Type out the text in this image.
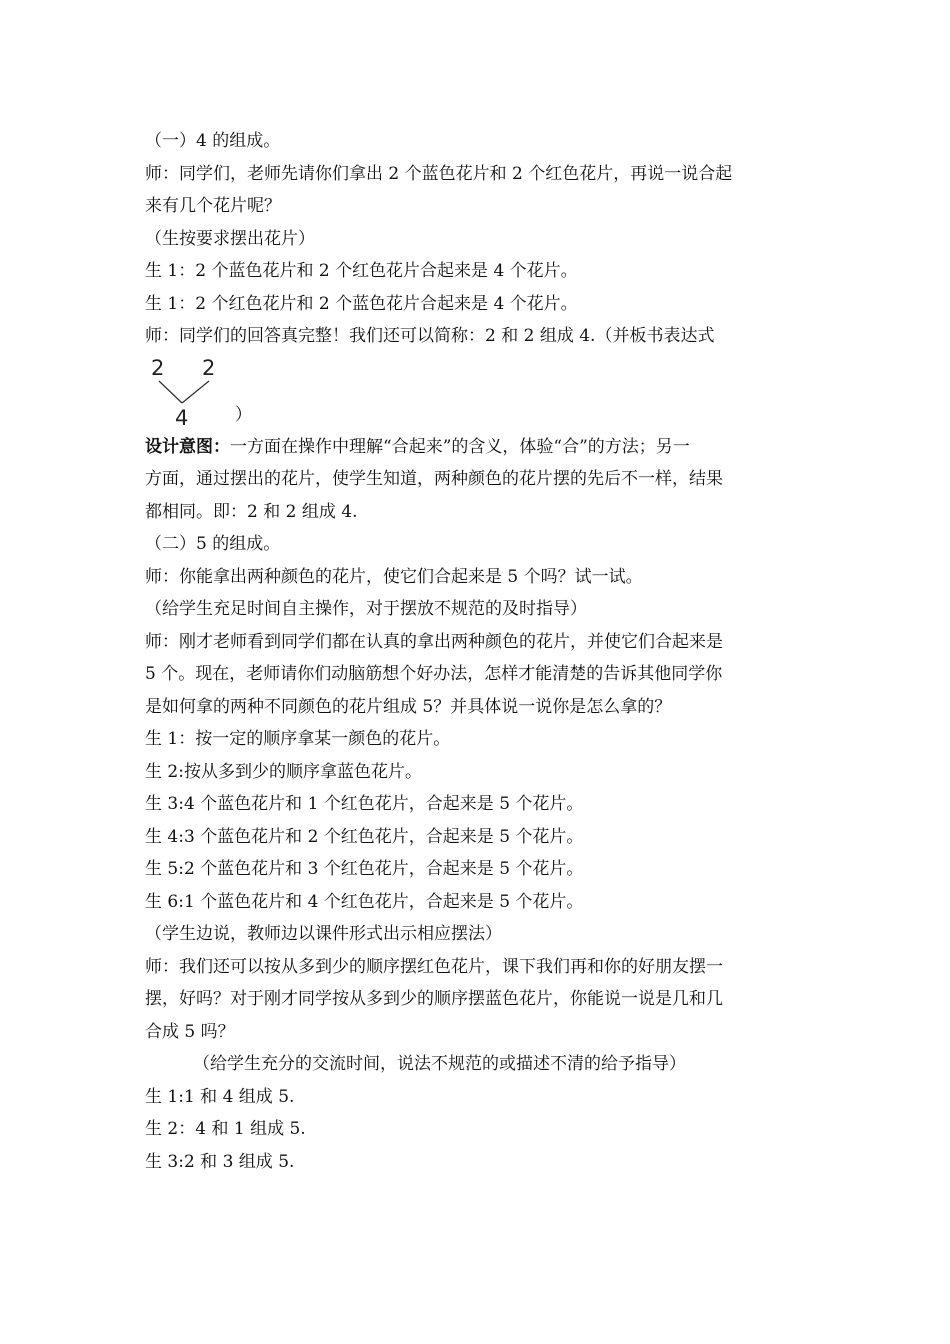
（一）4 的组成。
师：同学们，老师先请你们拿出 2 个蓝色花片和 2 个红色花片，再说一说合起
来有几个花片呢？
（生按要求摆出花片）
生 1：2 个蓝色花片和 2 个红色花片合起来是 4 个花片。
生 1：2 个红色花片和 2 个蓝色花片合起来是 4 个花片。
师：同学们的回答真完整！我们还可以简称：2 和 2 组成 4.（并板书表达式
2 2
4	）
设计意图：一方面在操作中理解“合起来”的含义，体验“合”的方法；另一
方面，通过摆出的花片，使学生知道，两种颜色的花片摆的先后不一样，结果
都相同。即：2 和 2 组成 4.
（二）5 的组成。
师：你能拿出两种颜色的花片，使它们合起来是 5 个吗？试一试。
（给学生充足时间自主操作，对于摆放不规范的及时指导）
师：刚才老师看到同学们都在认真的拿出两种颜色的花片，并使它们合起来是
5 个。现在，老师请你们动脑筋想个好办法，怎样才能清楚的告诉其他同学你
是如何拿的两种不同颜色的花片组成 5？并具体说一说你是怎么拿的？
生 1：按一定的顺序拿某一颜色的花片。
生 2:按从多到少的顺序拿蓝色花片。
生 3:4 个蓝色花片和 1 个红色花片，合起来是 5 个花片。
生 4:3 个蓝色花片和 2 个红色花片，合起来是 5 个花片。
生 5:2 个蓝色花片和 3 个红色花片，合起来是 5 个花片。
生 6:1 个蓝色花片和 4 个红色花片，合起来是 5 个花片。
（学生边说，教师边以课件形式出示相应摆法）
师：我们还可以按从多到少的顺序摆红色花片，课下我们再和你的好朋友摆一
摆，好吗？对于刚才同学按从多到少的顺序摆蓝色花片，你能说一说是几和几
合成 5 吗？
（给学生充分的交流时间，说法不规范的或描述不清的给予指导）
生 1:1 和 4 组成 5.
生 2：4 和 1 组成 5.
生 3:2 和 3 组成 5.
